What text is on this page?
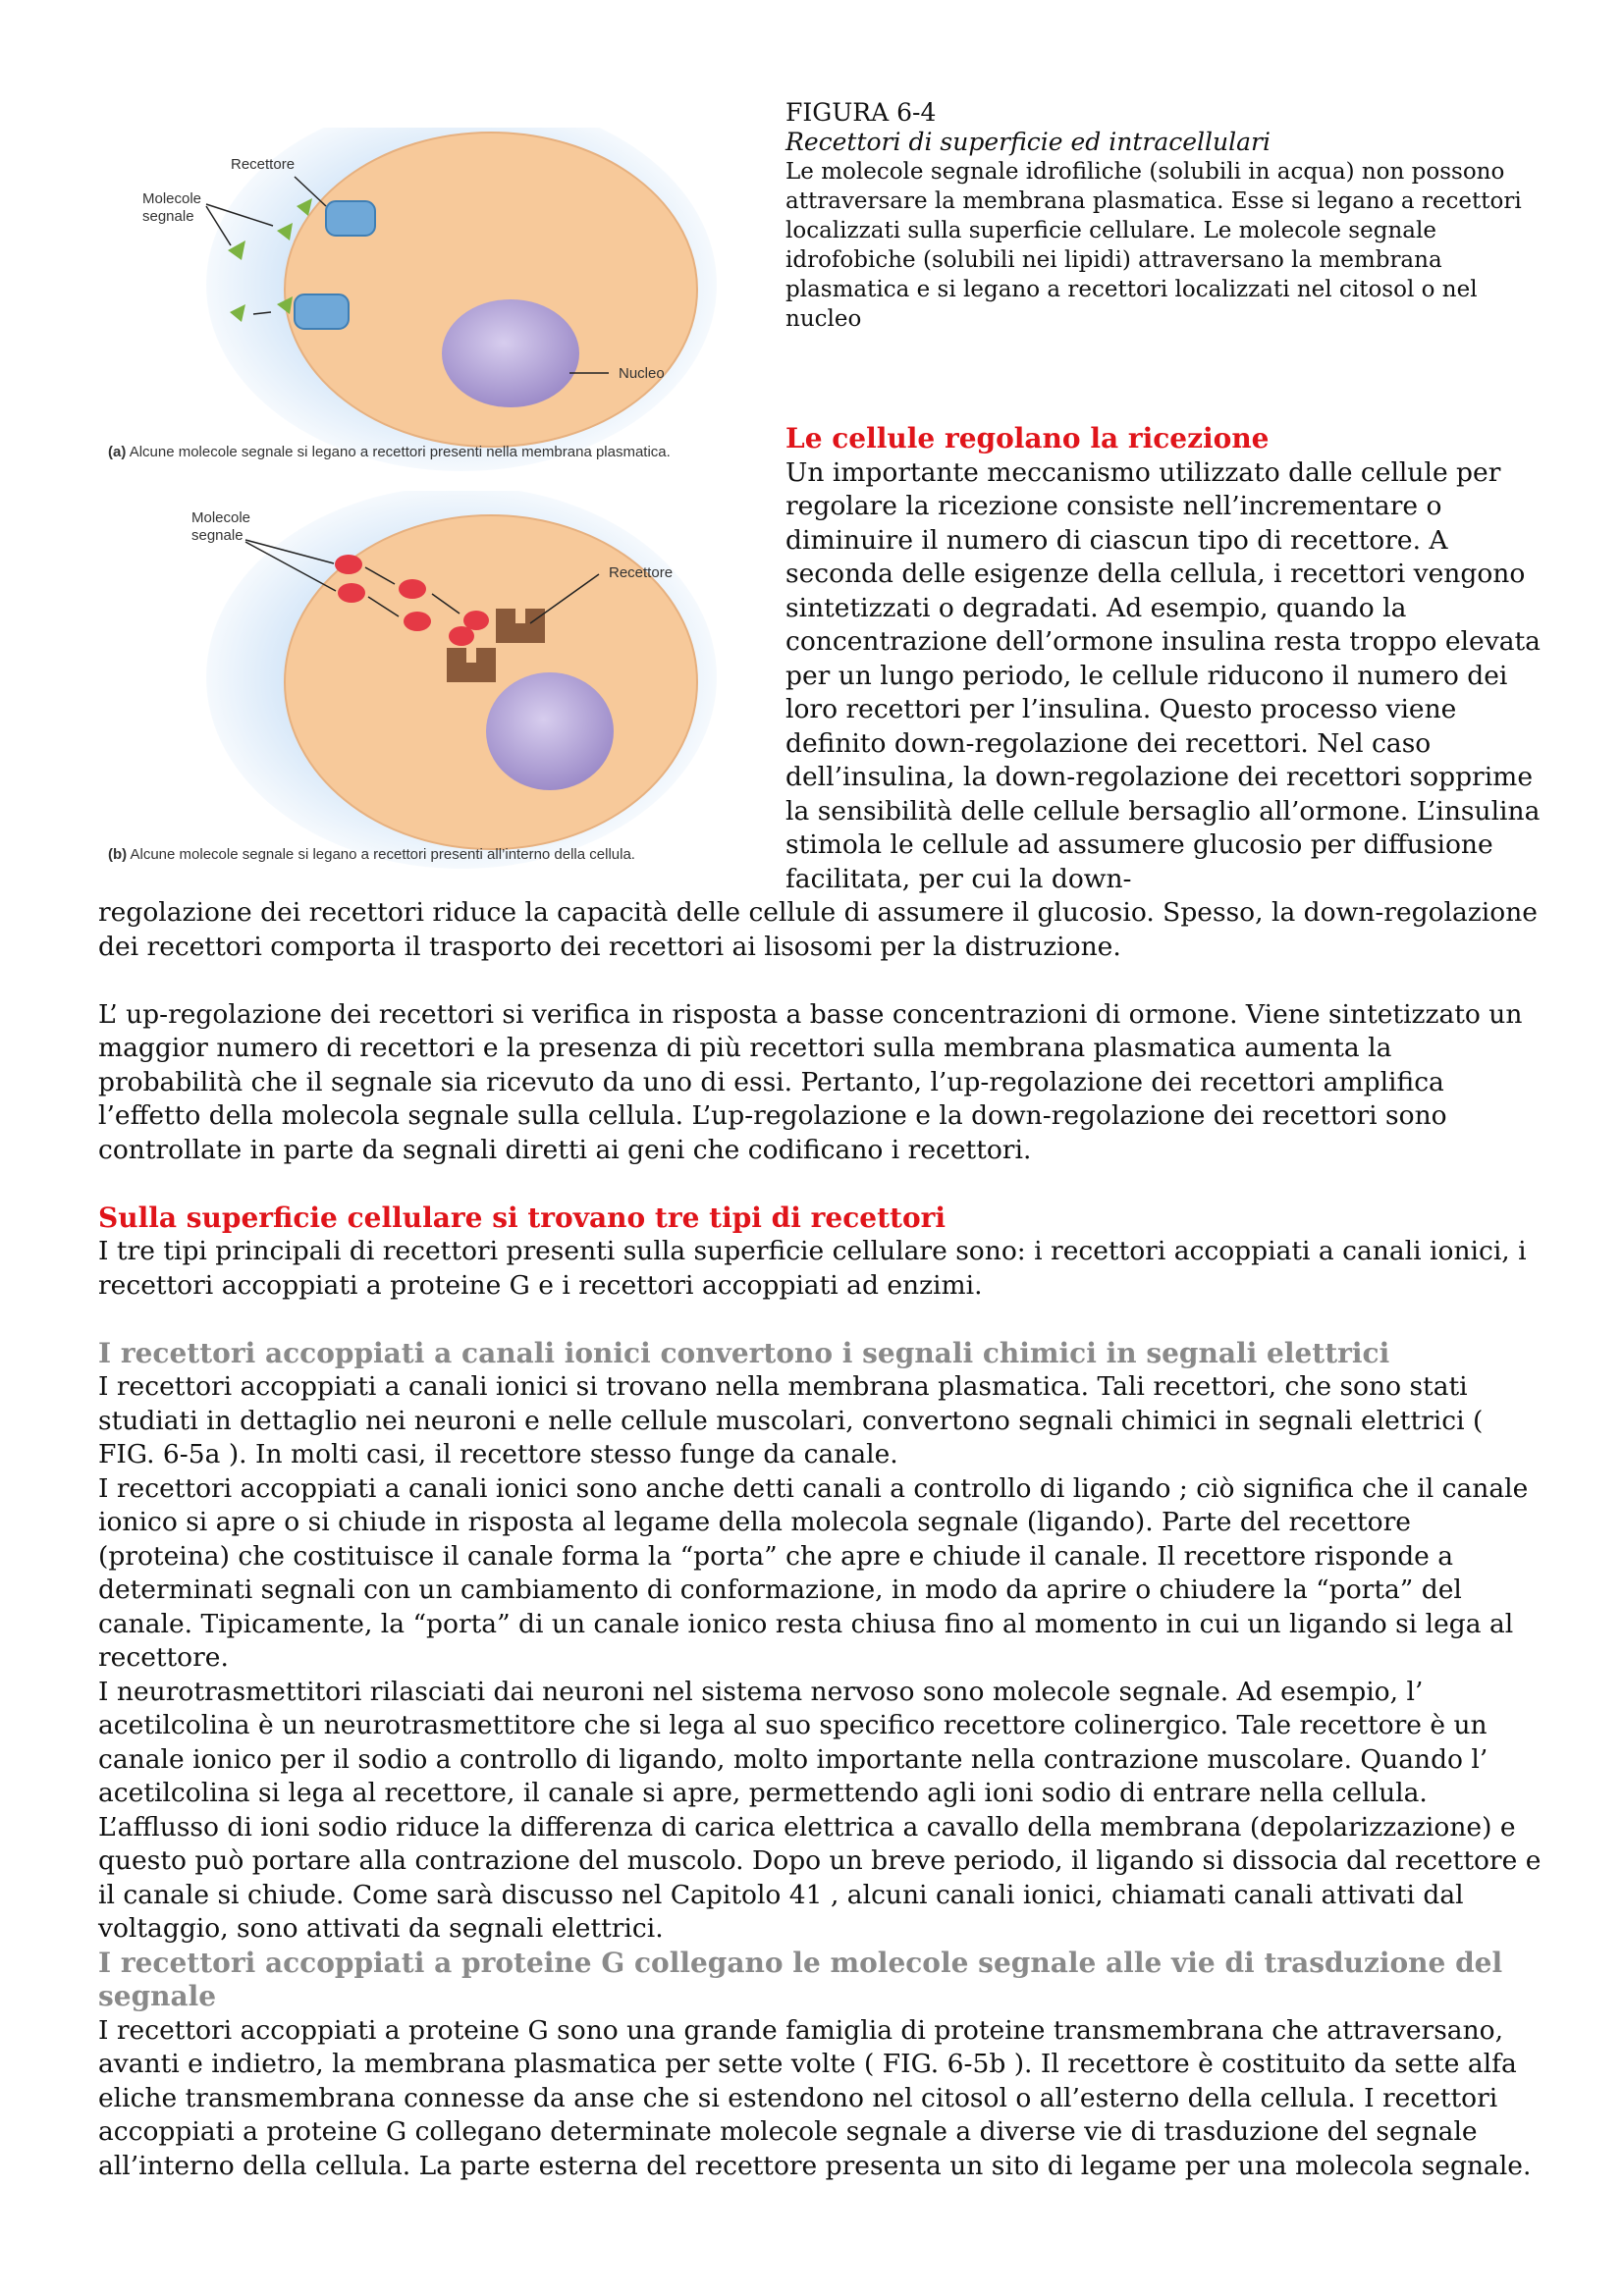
Recettore
Molecole
segnale
Nucleo
(a) Alcune molecole segnale si legano a recettori presenti nella membrana plasmatica.
Molecole
segnale
Recettore
(b) Alcune molecole segnale si legano a recettori presenti all’interno della cellula.
FIGURA 6-4
Recettori di superficie ed intracellulari
Le molecole segnale idrofiliche (solubili in acqua) non possono attraversare la membrana plasmatica. Esse si legano a recettori localizzati sulla superficie cellulare. Le molecole segnale idrofobiche (solubili nei lipidi) attraversano la membrana plasmatica e si legano a recettori localizzati nel citosol o nel nucleo
Le cellule regolano la ricezione

Un importante meccanismo utilizzato dalle cellule per regolare la ricezione consiste nell’incrementare o diminuire il numero di ciascun tipo di recettore. A seconda delle esigenze della cellula, i recettori vengono sintetizzati o degradati. Ad esempio, quando la concentrazione dell’ormone insulina resta troppo elevata per un lungo periodo, le cellule riducono il numero dei loro recettori per l’insulina. Questo processo viene definito down-regolazione dei recettori. Nel caso dell’insulina, la down-regolazione dei recettori sopprime la sensibilità delle cellule bersaglio all’ormone. L’insulina stimola le cellule ad assumere glucosio per diffusione facilitata, per cui la down-

regolazione dei recettori riduce la capacità delle cellule di assumere il glucosio. Spesso, la down-regolazione dei recettori comporta il trasporto dei recettori ai lisosomi per la distruzione.

L’ up-regolazione dei recettori si verifica in risposta a basse concentrazioni di ormone. Viene sintetizzato un maggior numero di recettori e la presenza di più recettori sulla membrana plasmatica aumenta la probabilità che il segnale sia ricevuto da uno di essi. Pertanto, l’up-regolazione dei recettori amplifica l’effetto della molecola segnale sulla cellula. L’up-regolazione e la down-regolazione dei recettori sono controllate in parte da segnali diretti ai geni che codificano i recettori.

Sulla superficie cellulare si trovano tre tipi di recettori

I tre tipi principali di recettori presenti sulla superficie cellulare sono: i recettori accoppiati a canali ionici, i recettori accoppiati a proteine G e i recettori accoppiati ad enzimi.

I recettori accoppiati a canali ionici convertono i segnali chimici in segnali elettrici

I recettori accoppiati a canali ionici si trovano nella membrana plasmatica. Tali recettori, che sono stati studiati in dettaglio nei neuroni e nelle cellule muscolari, convertono segnali chimici in segnali elettrici ( FIG. 6-5a ). In molti casi, il recettore stesso funge da canale.

I recettori accoppiati a canali ionici sono anche detti canali a controllo di ligando ; ciò significa che il canale ionico si apre o si chiude in risposta al legame della molecola segnale (ligando). Parte del recettore (proteina) che costituisce il canale forma la “porta” che apre e chiude il canale. Il recettore risponde a determinati segnali con un cambiamento di conformazione, in modo da aprire o chiudere la “porta” del canale. Tipicamente, la “porta” di un canale ionico resta chiusa fino al momento in cui un ligando si lega al recettore.

I neurotrasmettitori rilasciati dai neuroni nel sistema nervoso sono molecole segnale. Ad esempio, l’ acetilcolina è un neurotrasmettitore che si lega al suo specifico recettore colinergico. Tale recettore è un canale ionico per il sodio a controllo di ligando, molto importante nella contrazione muscolare. Quando l’ acetilcolina si lega al recettore, il canale si apre, permettendo agli ioni sodio di entrare nella cellula. L’afflusso di ioni sodio riduce la differenza di carica elettrica a cavallo della membrana (depolarizzazione) e questo può portare alla contrazione del muscolo. Dopo un breve periodo, il ligando si dissocia dal recettore e il canale si chiude. Come sarà discusso nel Capitolo 41 , alcuni canali ionici, chiamati canali attivati dal voltaggio, sono attivati da segnali elettrici.

I recettori accoppiati a proteine G collegano le molecole segnale alle vie di trasduzione del segnale

I recettori accoppiati a proteine G sono una grande famiglia di proteine transmembrana che attraversano, avanti e indietro, la membrana plasmatica per sette volte ( FIG. 6-5b ). Il recettore è costituito da sette alfa eliche transmembrana connesse da anse che si estendono nel citosol o all’esterno della cellula. I recettori accoppiati a proteine G collegano determinate molecole segnale a diverse vie di trasduzione del segnale all’interno della cellula. La parte esterna del recettore presenta un sito di legame per una molecola segnale.
